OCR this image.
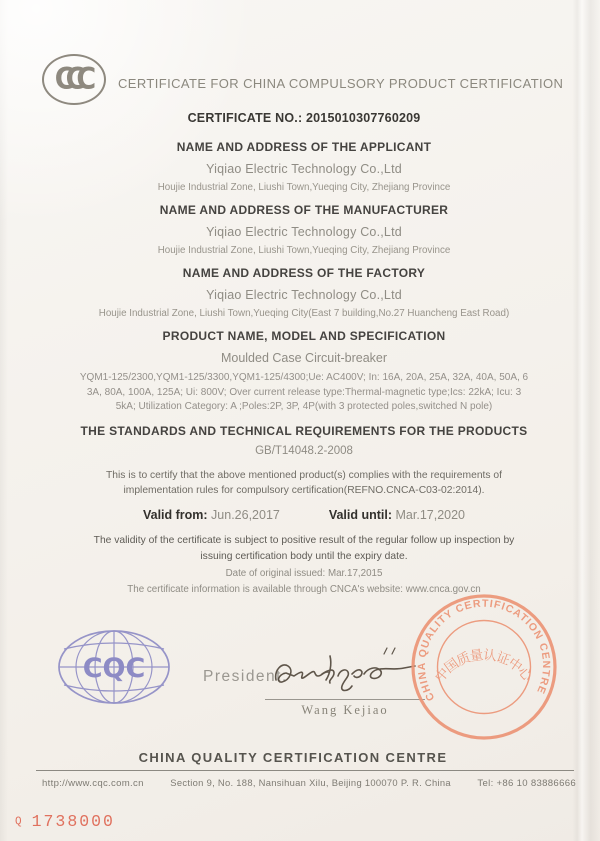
CCC CERTIFICATE FOR CHINA COMPULSORY PRODUCT CERTIFICATION
CERTIFICATE NO.: 2015010307760209
NAME AND ADDRESS OF THE APPLICANT
Yiqiao Electric Technology Co.,Ltd
Houjie Industrial Zone, Liushi Town,Yueqing City, Zhejiang Province
NAME AND ADDRESS OF THE MANUFACTURER
Yiqiao Electric Technology Co.,Ltd
Houjie Industrial Zone, Liushi Town,Yueqing City, Zhejiang Province
NAME AND ADDRESS OF THE FACTORY
Yiqiao Electric Technology Co.,Ltd
Houjie Industrial Zone, Liushi Town,Yueqing City(East 7 building,No.27 Huancheng East Road)
PRODUCT NAME, MODEL AND SPECIFICATION
Moulded Case Circuit-breaker
YQM1-125/2300,YQM1-125/3300,YQM1-125/4300;Ue: AC400V; In: 16A, 20A, 25A, 32A, 40A, 50A, 6
3A, 80A, 100A, 125A; Ui: 800V; Over current release type:Thermal-magnetic type;Ics: 22kA; Icu: 3
5kA; Utilization Category: A ;Poles:2P, 3P, 4P(with 3 protected poles,switched N pole)
THE STANDARDS AND TECHNICAL REQUIREMENTS FOR THE PRODUCTS
GB/T14048.2-2008
This is to certify that the above mentioned product(s) complies with the requirements of
implementation rules for compulsory certification(REFNO.CNCA-C03-02:2014).
Valid from: Jun.26,2017	Valid until: Mar.17,2020
The validity of the certificate is subject to positive result of the regular follow up inspection by
issuing certification body until the expiry date.
Date of original issued: Mar.17,2015
The certificate information is available through CNCA's website: www.cnca.gov.cn
CQC	President:
Wang Kejiao
CHINA QUALITY CERTIFICATION CENTRE
中国质量认证中心
CHINA QUALITY CERTIFICATION CENTRE
http://www.cqc.com.cn	Section 9, No. 188, Nansihuan Xilu, Beijing 100070 P. R. China	Tel: +86 10 83886666
Q 1738000
